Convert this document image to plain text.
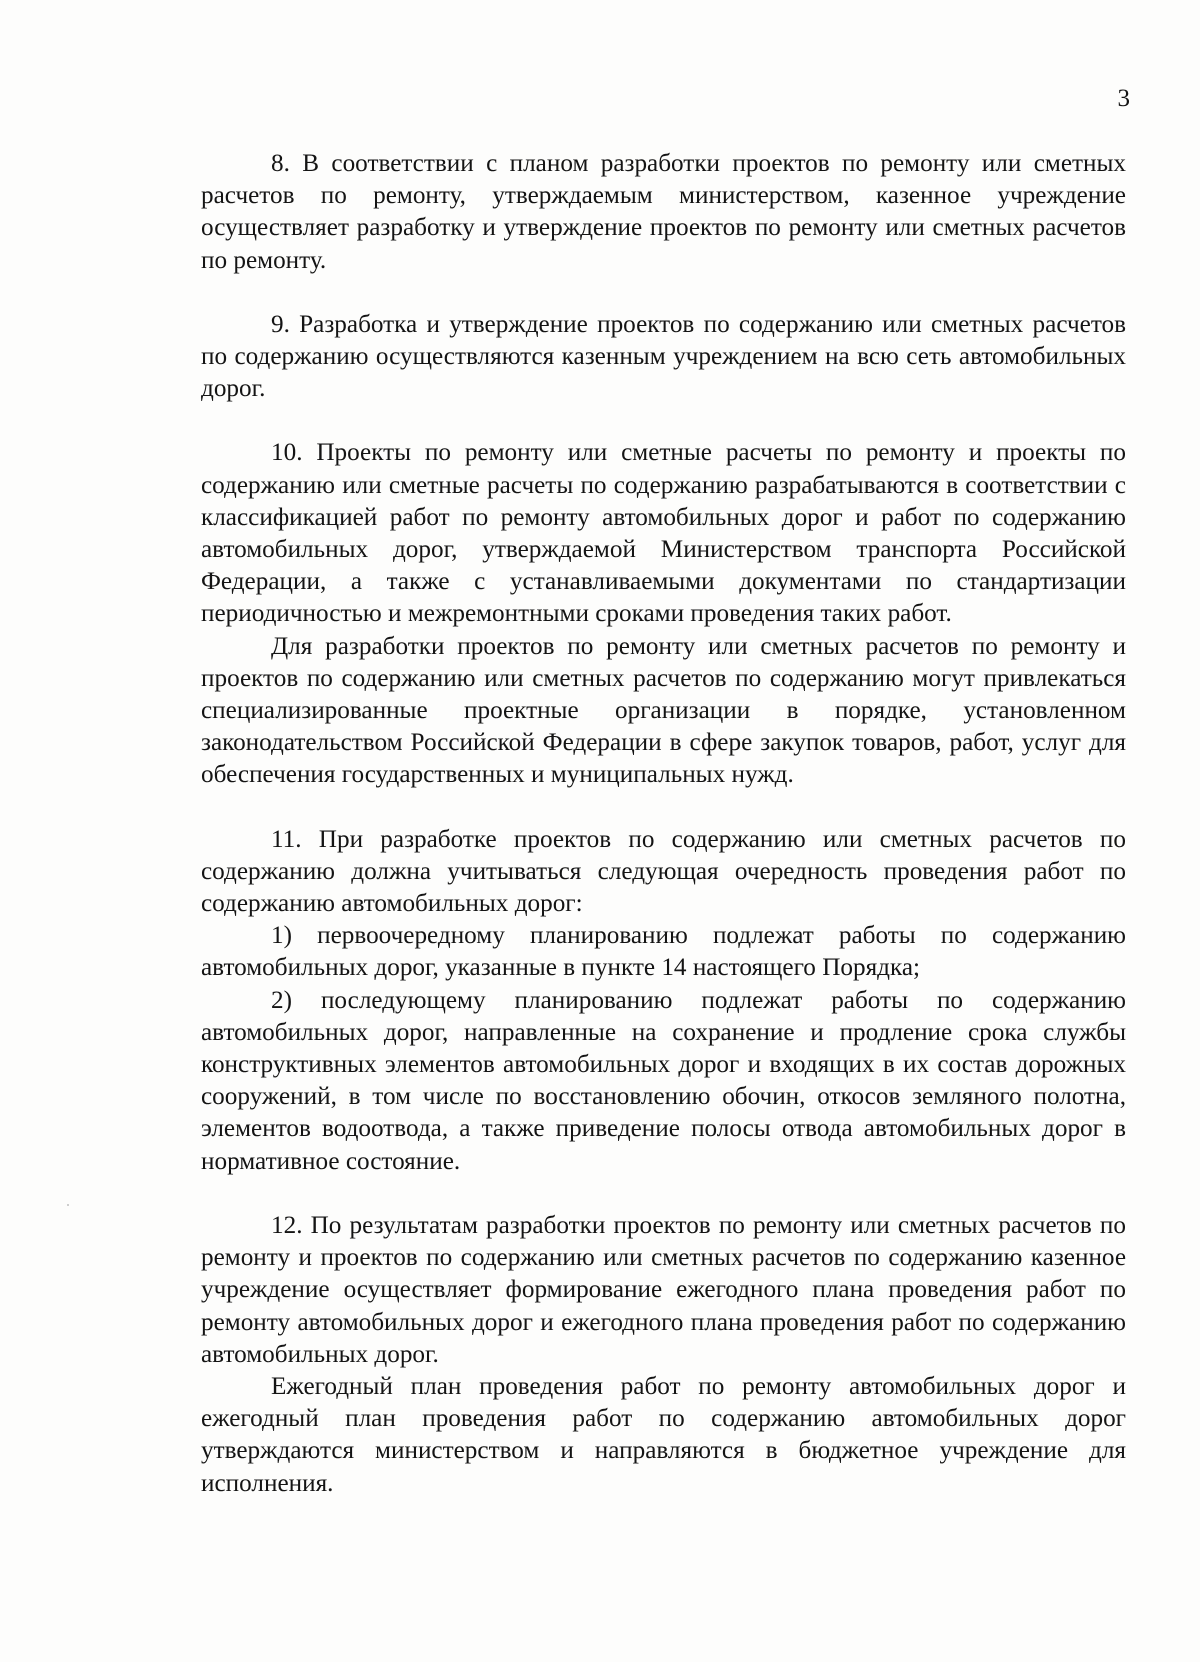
3

8. В соответствии с планом разработки проектов по ремонту или сметных расчетов по ремонту, утверждаемым министерством, казенное учреждение осуществляет разработку и утверждение проектов по ремонту или сметных расчетов по ремонту.

9. Разработка и утверждение проектов по содержанию или сметных расчетов по содержанию осуществляются казенным учреждением на всю сеть автомобильных дорог.

10. Проекты по ремонту или сметные расчеты по ремонту и проекты по содержанию или сметные расчеты по содержанию разрабатываются в соответствии с классификацией работ по ремонту автомобильных дорог и работ по содержанию автомобильных дорог, утверждаемой Министерством транспорта Российской Федерации, а также с устанавливаемыми документами по стандартизации периодичностью и межремонтными сроками проведения таких работ.

Для разработки проектов по ремонту или сметных расчетов по ремонту и проектов по содержанию или сметных расчетов по содержанию могут привлекаться специализированные проектные организации в порядке, установленном законодательством Российской Федерации в сфере закупок товаров, работ, услуг для обеспечения государственных и муниципальных нужд.

11. При разработке проектов по содержанию или сметных расчетов по содержанию должна учитываться следующая очередность проведения работ по содержанию автомобильных дорог:

1) первоочередному планированию подлежат работы по содержанию автомобильных дорог, указанные в пункте 14 настоящего Порядка;

2) последующему планированию подлежат работы по содержанию автомобильных дорог, направленные на сохранение и продление срока службы конструктивных элементов автомобильных дорог и входящих в их состав дорожных сооружений, в том числе по восстановлению обочин, откосов земляного полотна, элементов водоотвода, а также приведение полосы отвода автомобильных дорог в нормативное состояние.

12. По результатам разработки проектов по ремонту или сметных расчетов по ремонту и проектов по содержанию или сметных расчетов по содержанию казенное учреждение осуществляет формирование ежегодного плана проведения работ по ремонту автомобильных дорог и ежегодного плана проведения работ по содержанию автомобильных дорог.

Ежегодный план проведения работ по ремонту автомобильных дорог и ежегодный план проведения работ по содержанию автомобильных дорог утверждаются министерством и направляются в бюджетное учреждение для исполнения.
